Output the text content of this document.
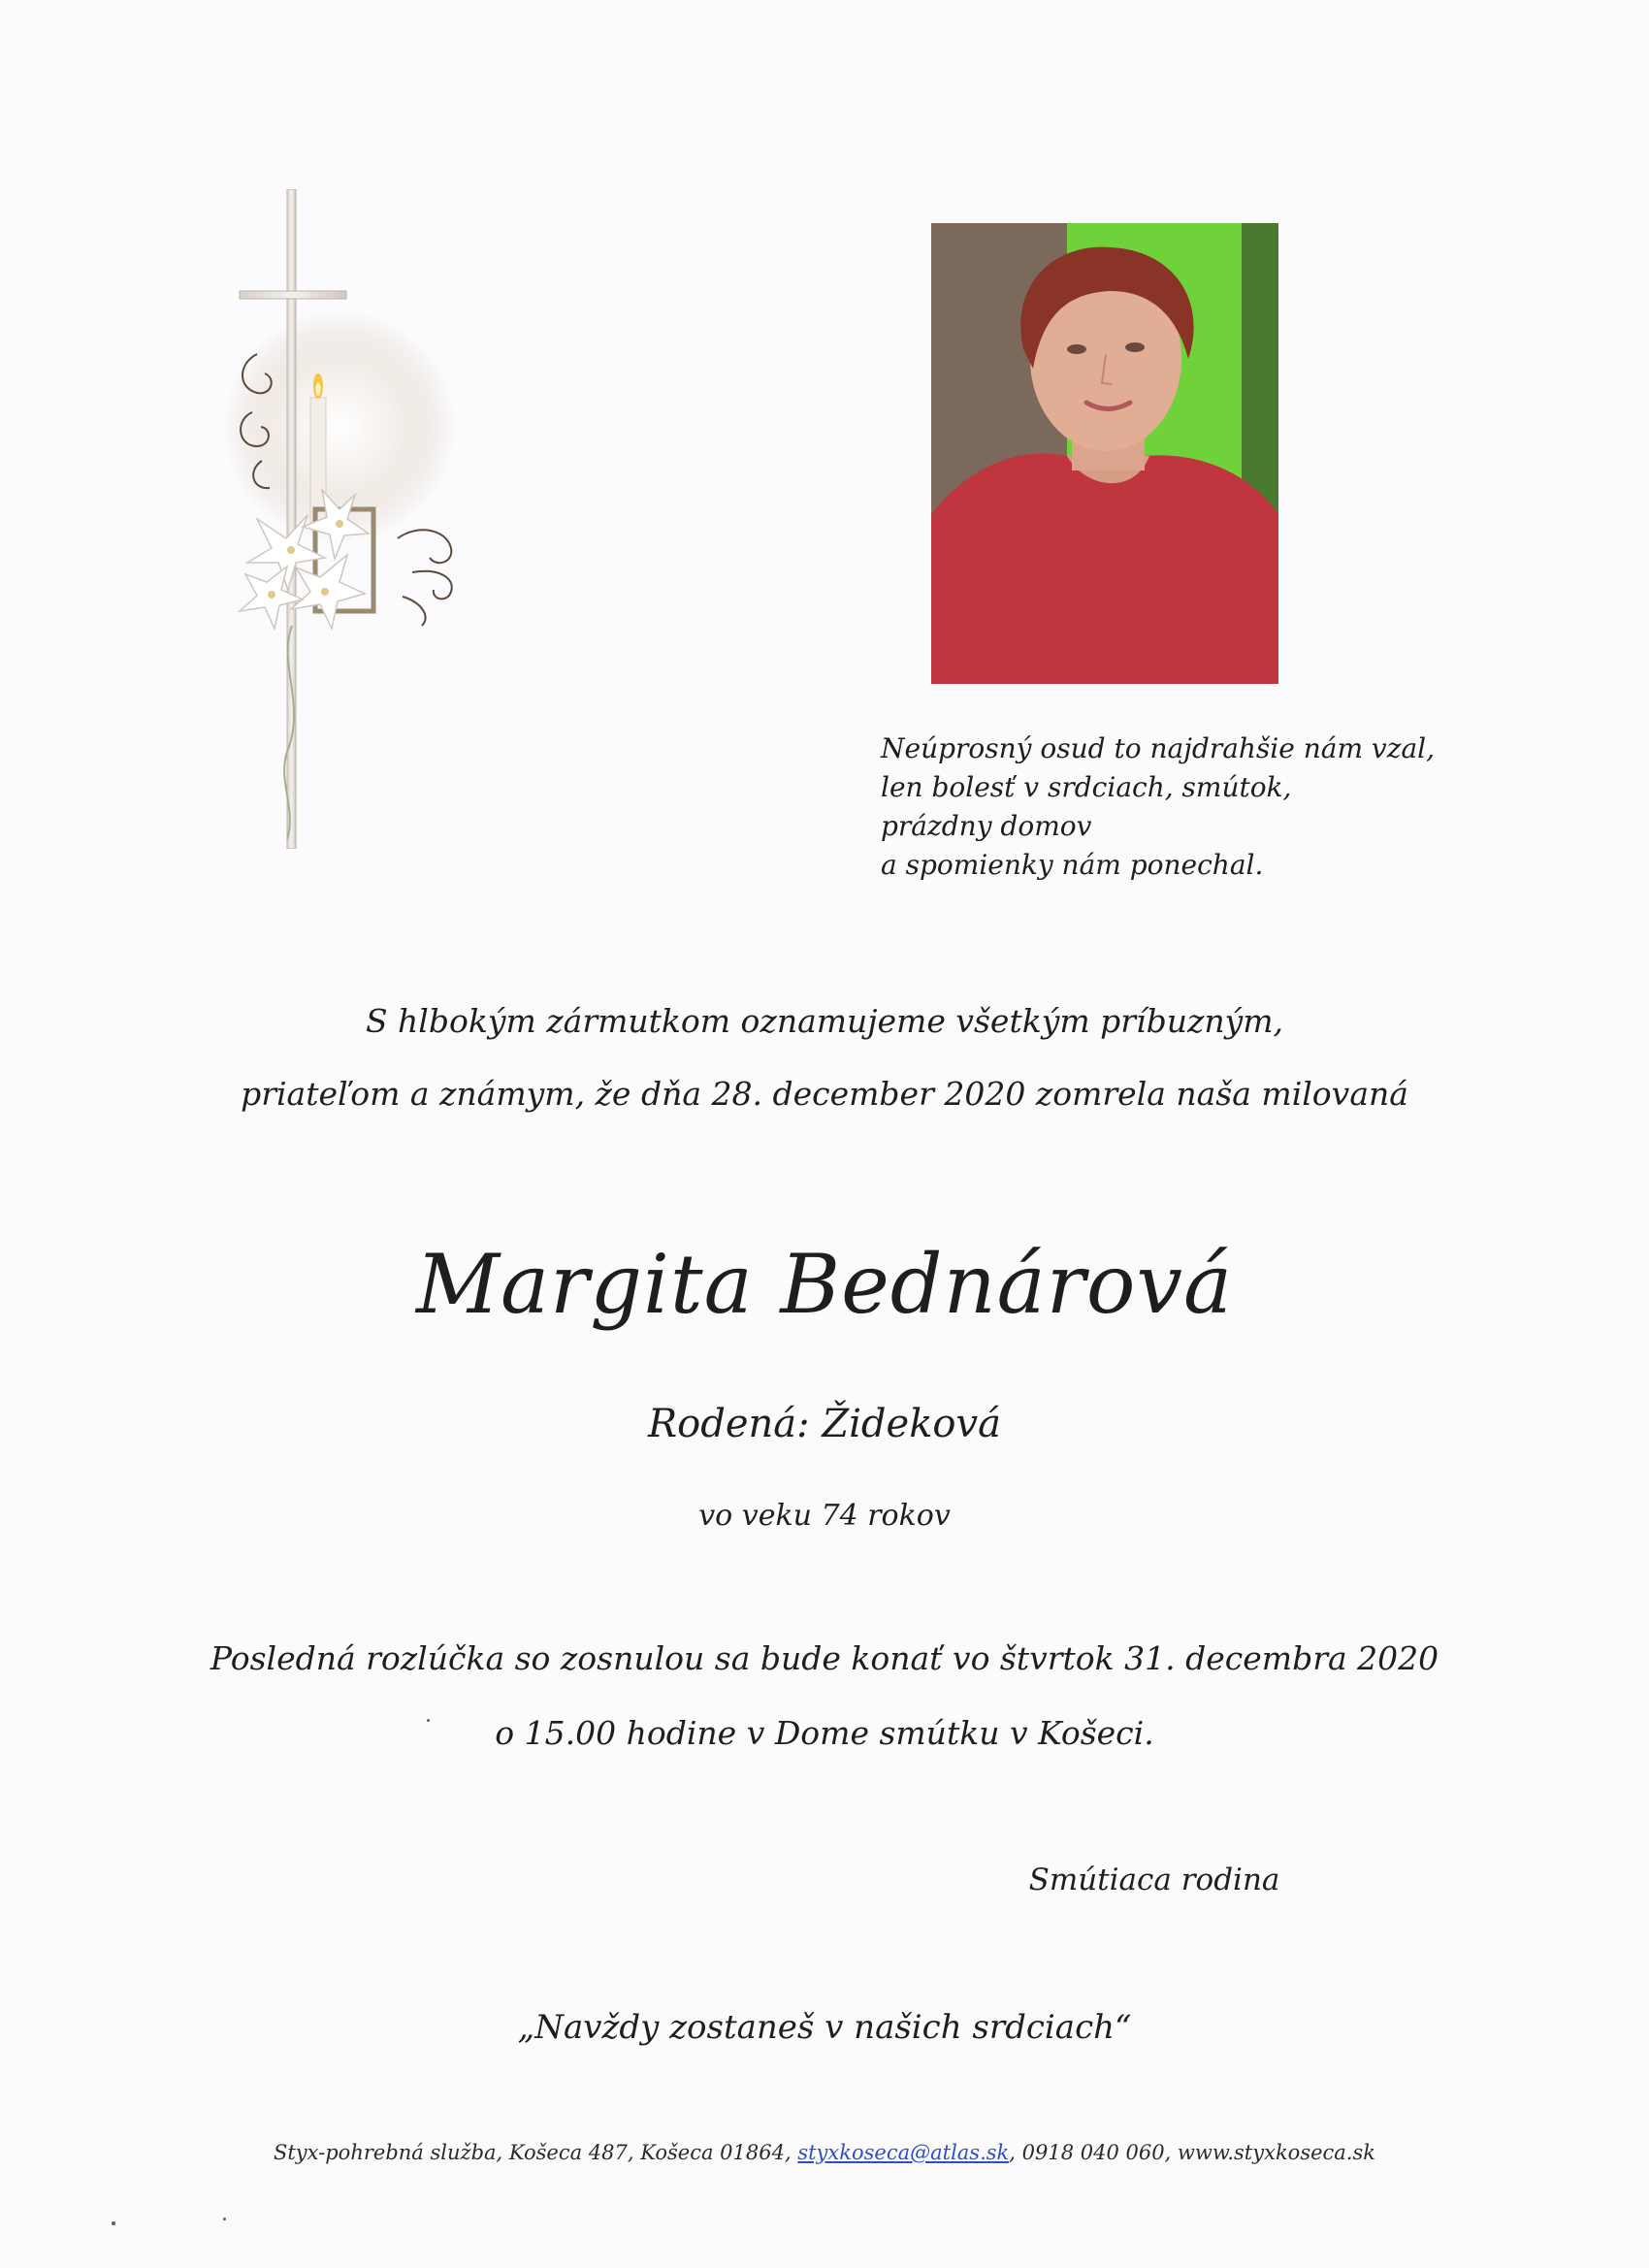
Neúprosný osud to najdrahšie nám vzal,
len bolesť v srdciach, smútok,
prázdny domov
a spomienky nám ponechal.
S hlbokým zármutkom oznamujeme všetkým príbuzným,
priateľom a známym, že dňa 28. december 2020 zomrela naša milovaná
Margita Bednárová
Rodená: Žideková
vo veku 74 rokov
Posledná rozlúčka so zosnulou sa bude konať vo štvrtok 31. decembra 2020
o 15.00 hodine v Dome smútku v Košeci.
Smútiaca rodina
„Navždy zostaneš v našich srdciach“
Styx-pohrebná služba, Košeca 487, Košeca 01864, styxkoseca@atlas.sk, 0918 040 060, www.styxkoseca.sk
